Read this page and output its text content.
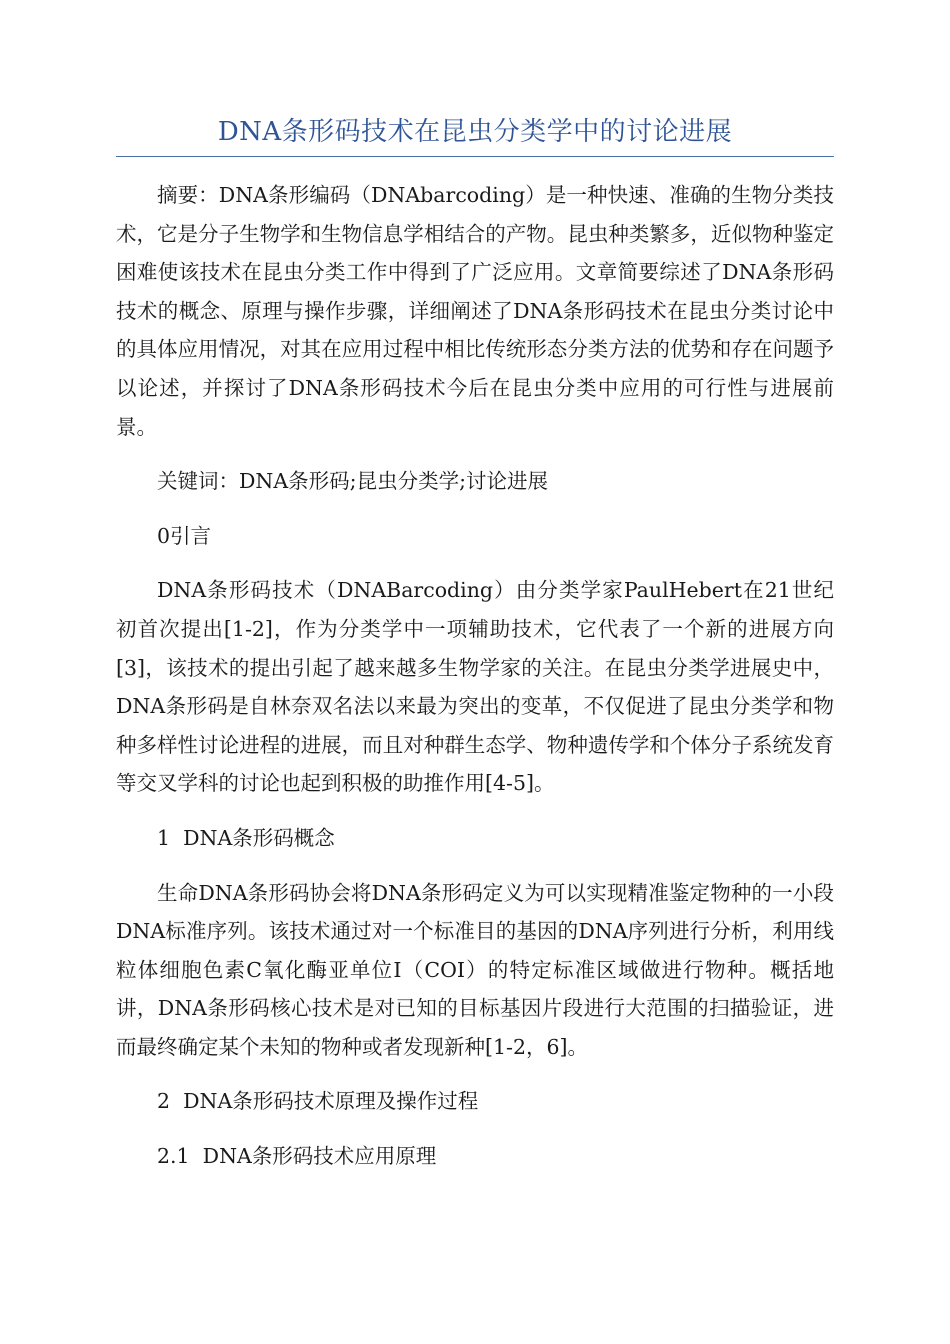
DNA条形码技术在昆虫分类学中的讨论进展

摘要：DNA条形编码（DNAbarcoding）是一种快速、准确的生物分类技术，它是分子生物学和生物信息学相结合的产物。昆虫种类繁多，近似物种鉴定困难使该技术在昆虫分类工作中得到了广泛应用。文章简要综述了DNA条形码技术的概念、原理与操作步骤，详细阐述了DNA条形码技术在昆虫分类讨论中的具体应用情况，对其在应用过程中相比传统形态分类方法的优势和存在问题予以论述，并探讨了DNA条形码技术今后在昆虫分类中应用的可行性与进展前景。

关键词：DNA条形码;昆虫分类学;讨论进展

0引言

DNA条形码技术（DNABarcoding）由分类学家PaulHebert在21世纪初首次提出[1-2]，作为分类学中一项辅助技术，它代表了一个新的进展方向[3]，该技术的提出引起了越来越多生物学家的关注。在昆虫分类学进展史中，DNA条形码是自林奈双名法以来最为突出的变革，不仅促进了昆虫分类学和物种多样性讨论进程的进展，而且对种群生态学、物种遗传学和个体分子系统发育等交叉学科的讨论也起到积极的助推作用[4-5]。

1  DNA条形码概念

生命DNA条形码协会将DNA条形码定义为可以实现精准鉴定物种的一小段DNA标准序列。该技术通过对一个标准目的基因的DNA序列进行分析，利用线粒体细胞色素C氧化酶亚单位I（COI）的特定标准区域做进行物种。概括地讲，DNA条形码核心技术是对已知的目标基因片段进行大范围的扫描验证，进而最终确定某个未知的物种或者发现新种[1-2，6]。

2  DNA条形码技术原理及操作过程

2.1  DNA条形码技术应用原理
